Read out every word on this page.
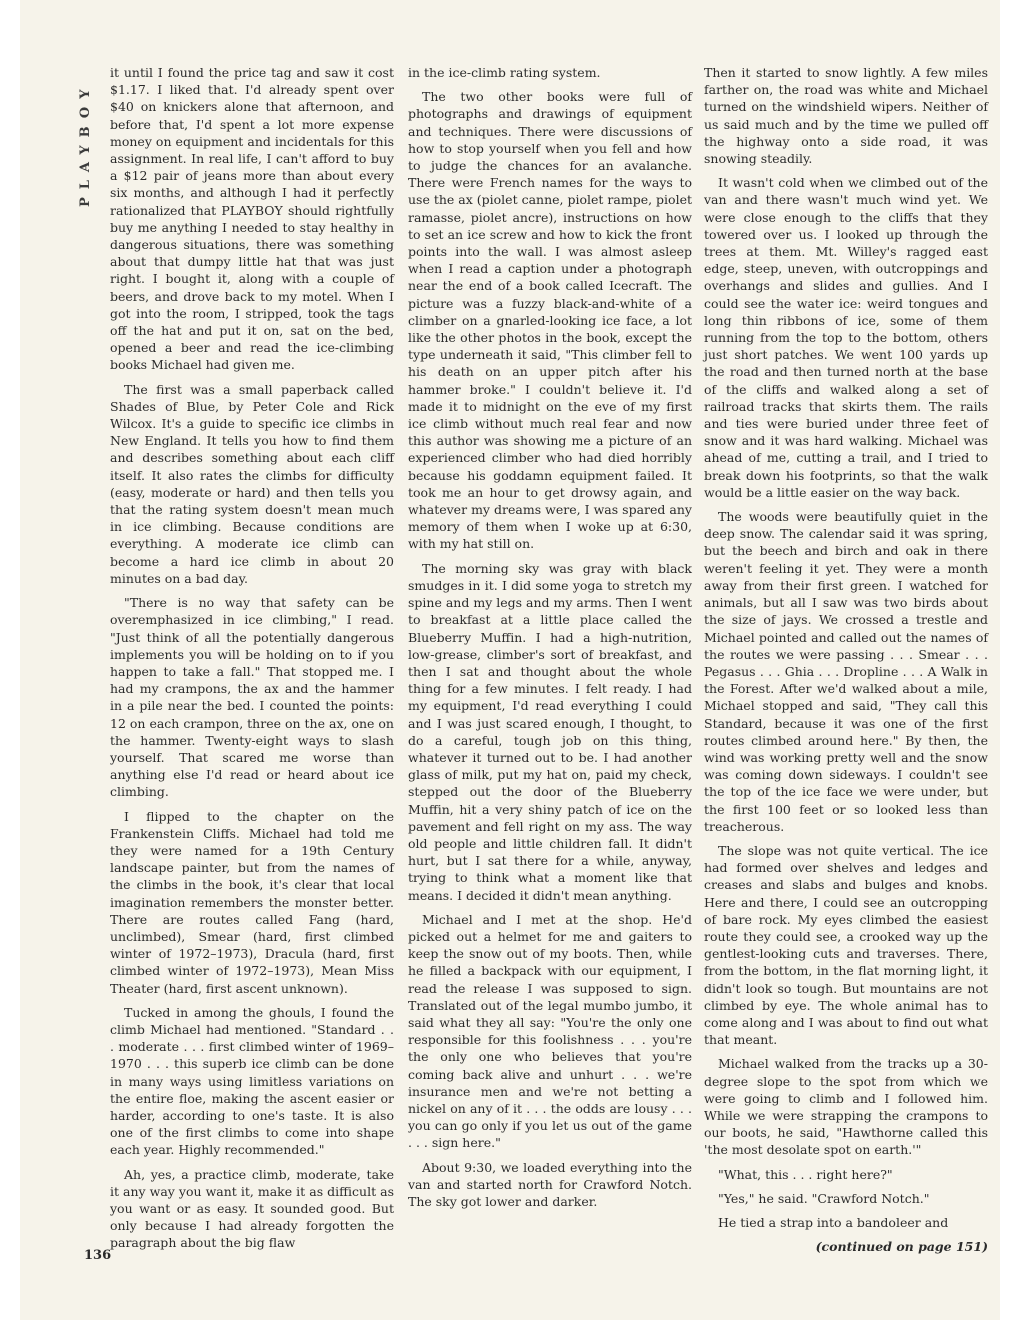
PLAYBOY

it until I found the price tag and saw it cost $1.17. I liked that. I'd already spent over $40 on knickers alone that afternoon, and before that, I'd spent a lot more expense money on equipment and incidentals for this assignment. In real life, I can't afford to buy a $12 pair of jeans more than about every six months, and although I had it perfectly rationalized that PLAYBOY should rightfully buy me anything I needed to stay healthy in dangerous situations, there was something about that dumpy little hat that was just right. I bought it, along with a couple of beers, and drove back to my motel. When I got into the room, I stripped, took the tags off the hat and put it on, sat on the bed, opened a beer and read the ice-climbing books Michael had given me.

The first was a small paperback called Shades of Blue, by Peter Cole and Rick Wilcox. It's a guide to specific ice climbs in New England. It tells you how to find them and describes something about each cliff itself. It also rates the climbs for difficulty (easy, moderate or hard) and then tells you that the rating system doesn't mean much in ice climbing. Because conditions are everything. A moderate ice climb can become a hard ice climb in about 20 minutes on a bad day.

"There is no way that safety can be overemphasized in ice climbing," I read. "Just think of all the potentially dangerous implements you will be holding on to if you happen to take a fall." That stopped me. I had my crampons, the ax and the hammer in a pile near the bed. I counted the points: 12 on each crampon, three on the ax, one on the hammer. Twenty-eight ways to slash yourself. That scared me worse than anything else I'd read or heard about ice climbing.

I flipped to the chapter on the Frankenstein Cliffs. Michael had told me they were named for a 19th Century landscape painter, but from the names of the climbs in the book, it's clear that local imagination remembers the monster better. There are routes called Fang (hard, unclimbed), Smear (hard, first climbed winter of 1972–1973), Dracula (hard, first climbed winter of 1972–1973), Mean Miss Theater (hard, first ascent unknown).

Tucked in among the ghouls, I found the climb Michael had mentioned. "Standard . . . moderate . . . first climbed winter of 1969–1970 . . . this superb ice climb can be done in many ways using limitless variations on the entire floe, making the ascent easier or harder, according to one's taste. It is also one of the first climbs to come into shape each year. Highly recommended."

Ah, yes, a practice climb, moderate, take it any way you want it, make it as difficult as you want or as easy. It sounded good. But only because I had already forgotten the paragraph about the big flaw

in the ice-climb rating system.

The two other books were full of photographs and drawings of equipment and techniques. There were discussions of how to stop yourself when you fell and how to judge the chances for an avalanche. There were French names for the ways to use the ax (piolet canne, piolet rampe, piolet ramasse, piolet ancre), instructions on how to set an ice screw and how to kick the front points into the wall. I was almost asleep when I read a caption under a photograph near the end of a book called Icecraft. The picture was a fuzzy black-and-white of a climber on a gnarled-looking ice face, a lot like the other photos in the book, except the type underneath it said, "This climber fell to his death on an upper pitch after his hammer broke." I couldn't believe it. I'd made it to midnight on the eve of my first ice climb without much real fear and now this author was showing me a picture of an experienced climber who had died horribly because his goddamn equipment failed. It took me an hour to get drowsy again, and whatever my dreams were, I was spared any memory of them when I woke up at 6:30, with my hat still on.

The morning sky was gray with black smudges in it. I did some yoga to stretch my spine and my legs and my arms. Then I went to breakfast at a little place called the Blueberry Muffin. I had a high-nutrition, low-grease, climber's sort of breakfast, and then I sat and thought about the whole thing for a few minutes. I felt ready. I had my equipment, I'd read everything I could and I was just scared enough, I thought, to do a careful, tough job on this thing, whatever it turned out to be. I had another glass of milk, put my hat on, paid my check, stepped out the door of the Blueberry Muffin, hit a very shiny patch of ice on the pavement and fell right on my ass. The way old people and little children fall. It didn't hurt, but I sat there for a while, anyway, trying to think what a moment like that means. I decided it didn't mean anything.

Michael and I met at the shop. He'd picked out a helmet for me and gaiters to keep the snow out of my boots. Then, while he filled a backpack with our equipment, I read the release I was supposed to sign. Translated out of the legal mumbo jumbo, it said what they all say: "You're the only one responsible for this foolishness . . . you're the only one who believes that you're coming back alive and unhurt . . . we're insurance men and we're not betting a nickel on any of it . . . the odds are lousy . . . you can go only if you let us out of the game . . . sign here."

About 9:30, we loaded everything into the van and started north for Crawford Notch. The sky got lower and darker.

Then it started to snow lightly. A few miles farther on, the road was white and Michael turned on the windshield wipers. Neither of us said much and by the time we pulled off the highway onto a side road, it was snowing steadily.

It wasn't cold when we climbed out of the van and there wasn't much wind yet. We were close enough to the cliffs that they towered over us. I looked up through the trees at them. Mt. Willey's ragged east edge, steep, uneven, with outcroppings and overhangs and slides and gullies. And I could see the water ice: weird tongues and long thin ribbons of ice, some of them running from the top to the bottom, others just short patches. We went 100 yards up the road and then turned north at the base of the cliffs and walked along a set of railroad tracks that skirts them. The rails and ties were buried under three feet of snow and it was hard walking. Michael was ahead of me, cutting a trail, and I tried to break down his footprints, so that the walk would be a little easier on the way back.

The woods were beautifully quiet in the deep snow. The calendar said it was spring, but the beech and birch and oak in there weren't feeling it yet. They were a month away from their first green. I watched for animals, but all I saw was two birds about the size of jays. We crossed a trestle and Michael pointed and called out the names of the routes we were passing . . . Smear . . . Pegasus . . . Ghia . . . Dropline . . . A Walk in the Forest. After we'd walked about a mile, Michael stopped and said, "They call this Standard, because it was one of the first routes climbed around here." By then, the wind was working pretty well and the snow was coming down sideways. I couldn't see the top of the ice face we were under, but the first 100 feet or so looked less than treacherous.

The slope was not quite vertical. The ice had formed over shelves and ledges and creases and slabs and bulges and knobs. Here and there, I could see an outcropping of bare rock. My eyes climbed the easiest route they could see, a crooked way up the gentlest-looking cuts and traverses. There, from the bottom, in the flat morning light, it didn't look so tough. But mountains are not climbed by eye. The whole animal has to come along and I was about to find out what that meant.

Michael walked from the tracks up a 30-degree slope to the spot from which we were going to climb and I followed him. While we were strapping the crampons to our boots, he said, "Hawthorne called this 'the most desolate spot on earth.'"

"What, this . . . right here?"

"Yes," he said. "Crawford Notch."

He tied a strap into a bandoleer and

(continued on page 151)

136
